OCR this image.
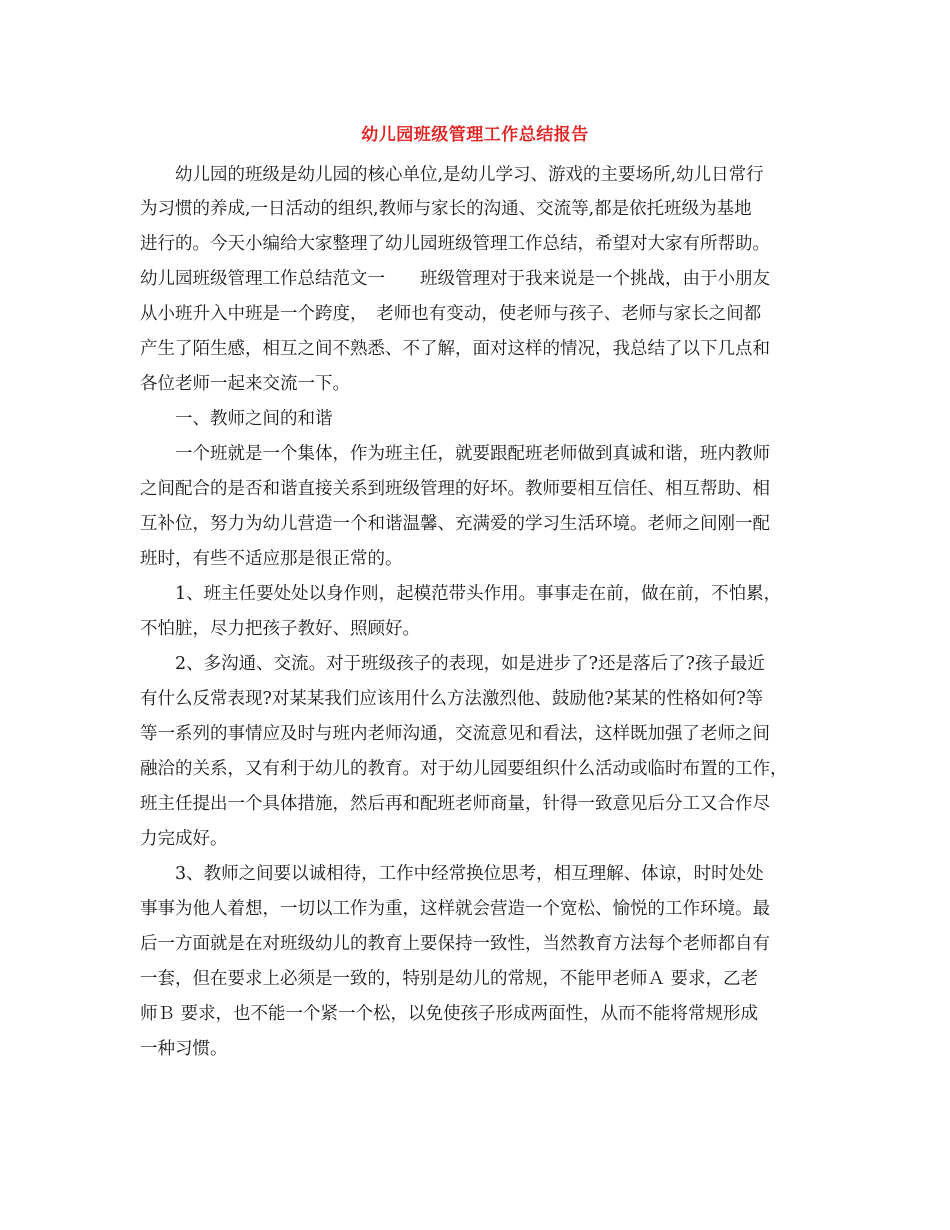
幼儿园班级管理工作总结报告
幼儿园的班级是幼儿园的核心单位,是幼儿学习、游戏的主要场所,幼儿日常行
为习惯的养成,一日活动的组织,教师与家长的沟通、交流等,都是依托班级为基地
进行的。今天小编给大家整理了幼儿园班级管理工作总结，希望对大家有所帮助。
幼儿园班级管理工作总结范文一　　班级管理对于我来说是一个挑战，由于小朋友
从小班升入中班是一个跨度，　老师也有变动，使老师与孩子、老师与家长之间都
产生了陌生感，相互之间不熟悉、不了解，面对这样的情况，我总结了以下几点和
各位老师一起来交流一下。
一、教师之间的和谐
一个班就是一个集体，作为班主任，就要跟配班老师做到真诚和谐，班内教师
之间配合的是否和谐直接关系到班级管理的好坏。教师要相互信任、相互帮助、相
互补位，努力为幼儿营造一个和谐温馨、充满爱的学习生活环境。老师之间刚一配
班时，有些不适应那是很正常的。
1、班主任要处处以身作则，起模范带头作用。事事走在前，做在前，不怕累，
不怕脏，尽力把孩子教好、照顾好。
2、多沟通、交流。对于班级孩子的表现，如是进步了?还是落后了?孩子最近
有什么反常表现?对某某我们应该用什么方法激烈他、鼓励他?某某的性格如何?等
等一系列的事情应及时与班内老师沟通，交流意见和看法，这样既加强了老师之间
融洽的关系，又有利于幼儿的教育。对于幼儿园要组织什么活动或临时布置的工作，
班主任提出一个具体措施，然后再和配班老师商量，针得一致意见后分工又合作尽
力完成好。
3、教师之间要以诚相待，工作中经常换位思考，相互理解、体谅，时时处处
事事为他人着想，一切以工作为重，这样就会营造一个宽松、愉悦的工作环境。最
后一方面就是在对班级幼儿的教育上要保持一致性，当然教育方法每个老师都自有
一套，但在要求上必须是一致的，特别是幼儿的常规，不能甲老师Ａ 要求，乙老
师Ｂ 要求，也不能一个紧一个松，以免使孩子形成两面性，从而不能将常规形成
一种习惯。
